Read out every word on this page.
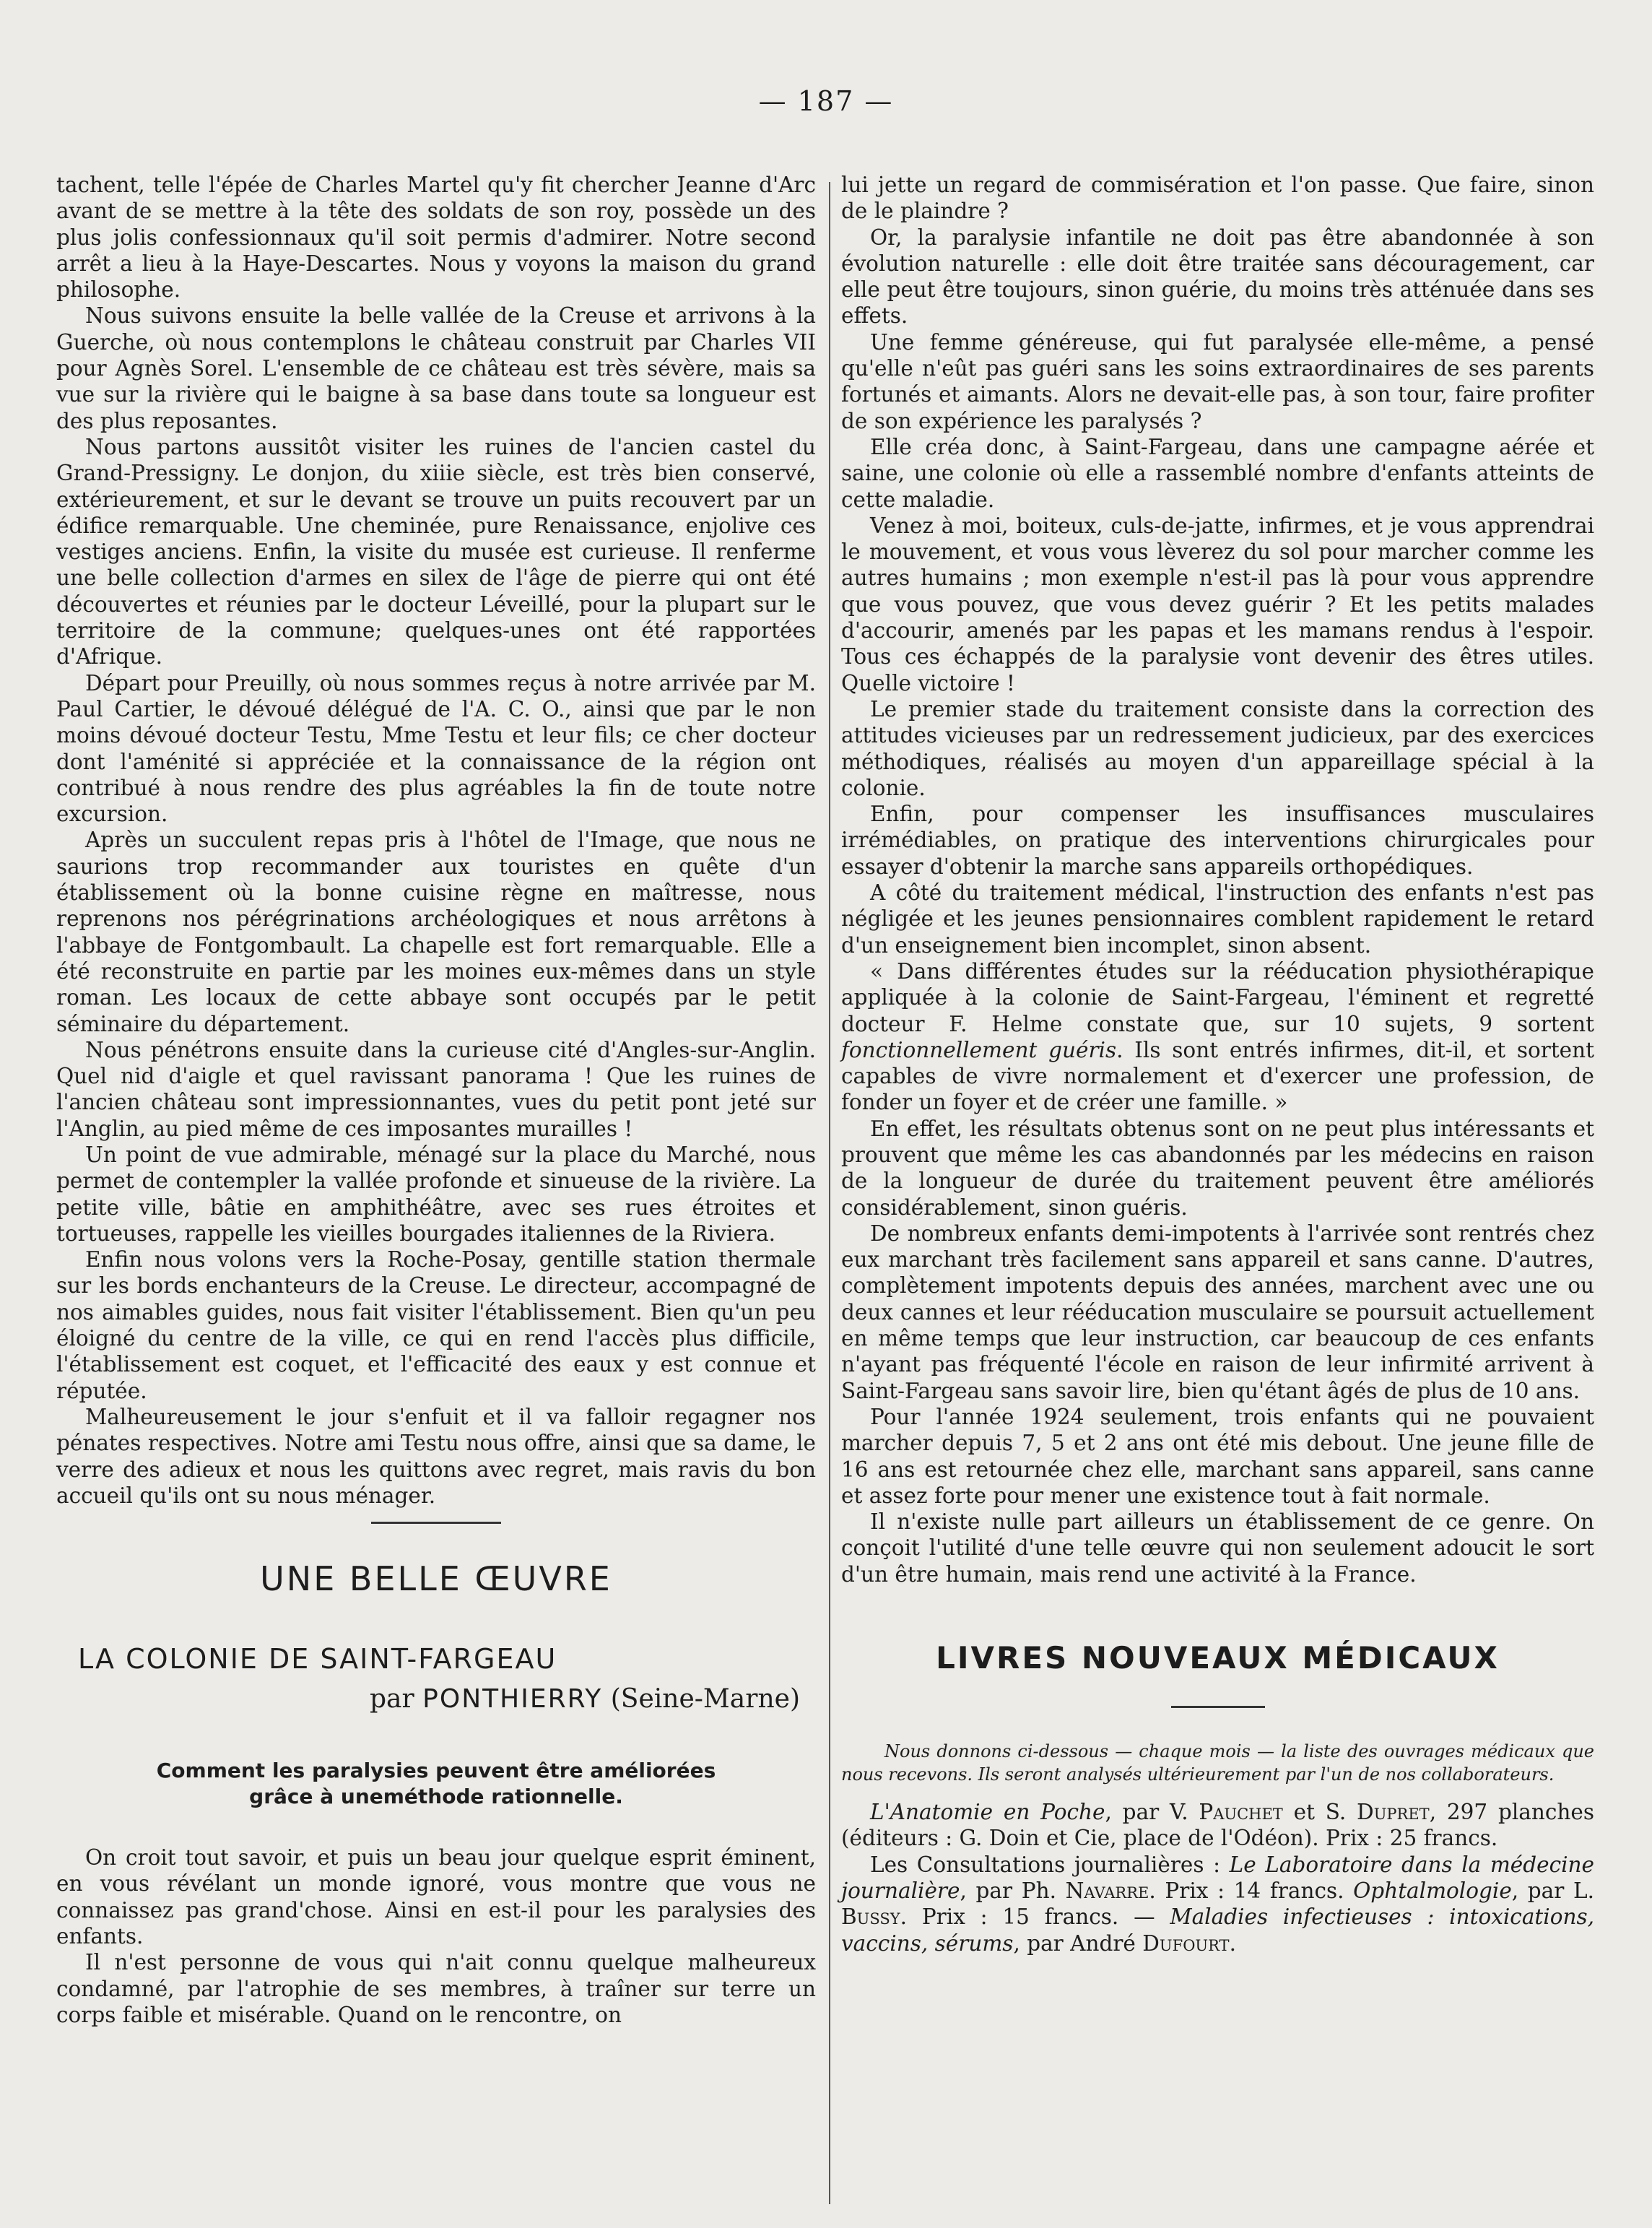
— 187 —

tachent, telle l'épée de Charles Martel qu'y fit chercher Jeanne d'Arc avant de se mettre à la tête des soldats de son roy, possède un des plus jolis confessionnaux qu'il soit permis d'admirer. Notre second arrêt a lieu à la Haye-Descartes. Nous y voyons la maison du grand philosophe.

Nous suivons ensuite la belle vallée de la Creuse et arrivons à la Guerche, où nous contemplons le château construit par Charles VII pour Agnès Sorel. L'ensemble de ce château est très sévère, mais sa vue sur la rivière qui le baigne à sa base dans toute sa longueur est des plus reposantes.

Nous partons aussitôt visiter les ruines de l'ancien castel du Grand-Pressigny. Le donjon, du xiiie siècle, est très bien conservé, extérieurement, et sur le devant se trouve un puits recouvert par un édifice remarquable. Une cheminée, pure Renaissance, enjolive ces vestiges anciens. Enfin, la visite du musée est curieuse. Il renferme une belle collection d'armes en silex de l'âge de pierre qui ont été découvertes et réunies par le docteur Léveillé, pour la plupart sur le territoire de la commune; quelques-unes ont été rapportées d'Afrique.

Départ pour Preuilly, où nous sommes reçus à notre arrivée par M. Paul Cartier, le dévoué délégué de l'A. C. O., ainsi que par le non moins dévoué docteur Testu, Mme Testu et leur fils; ce cher docteur dont l'aménité si appréciée et la connaissance de la région ont contribué à nous rendre des plus agréables la fin de toute notre excursion.

Après un succulent repas pris à l'hôtel de l'Image, que nous ne saurions trop recommander aux touristes en quête d'un établissement où la bonne cuisine règne en maîtresse, nous reprenons nos pérégrinations archéologiques et nous arrêtons à l'abbaye de Fontgombault. La chapelle est fort remarquable. Elle a été reconstruite en partie par les moines eux-mêmes dans un style roman. Les locaux de cette abbaye sont occupés par le petit séminaire du département.

Nous pénétrons ensuite dans la curieuse cité d'Angles-sur-Anglin. Quel nid d'aigle et quel ravissant panorama ! Que les ruines de l'ancien château sont impressionnantes, vues du petit pont jeté sur l'Anglin, au pied même de ces imposantes murailles !

Un point de vue admirable, ménagé sur la place du Marché, nous permet de contempler la vallée profonde et sinueuse de la rivière. La petite ville, bâtie en amphithéâtre, avec ses rues étroites et tortueuses, rappelle les vieilles bourgades italiennes de la Riviera.

Enfin nous volons vers la Roche-Posay, gentille station thermale sur les bords enchanteurs de la Creuse. Le directeur, accompagné de nos aimables guides, nous fait visiter l'établissement. Bien qu'un peu éloigné du centre de la ville, ce qui en rend l'accès plus difficile, l'établissement est coquet, et l'efficacité des eaux y est connue et réputée.

Malheureusement le jour s'enfuit et il va falloir regagner nos pénates respectives. Notre ami Testu nous offre, ainsi que sa dame, le verre des adieux et nous les quittons avec regret, mais ravis du bon accueil qu'ils ont su nous ménager.

UNE BELLE ŒUVRE
LA COLONIE DE SAINT-FARGEAU
par PONTHIERRY (Seine-Marne)
Comment les paralysies peuvent être améliorées
grâce à uneméthode rationnelle.

On croit tout savoir, et puis un beau jour quelque esprit éminent, en vous révélant un monde ignoré, vous montre que vous ne connaissez pas grand'chose. Ainsi en est-il pour les paralysies des enfants.

Il n'est personne de vous qui n'ait connu quelque malheureux condamné, par l'atrophie de ses membres, à traîner sur terre un corps faible et misérable. Quand on le rencontre, on

lui jette un regard de commisération et l'on passe. Que faire, sinon de le plaindre ?

Or, la paralysie infantile ne doit pas être abandonnée à son évolution naturelle : elle doit être traitée sans découragement, car elle peut être toujours, sinon guérie, du moins très atténuée dans ses effets.

Une femme généreuse, qui fut paralysée elle-même, a pensé qu'elle n'eût pas guéri sans les soins extraordinaires de ses parents fortunés et aimants. Alors ne devait-elle pas, à son tour, faire profiter de son expérience les paralysés ?

Elle créa donc, à Saint-Fargeau, dans une campagne aérée et saine, une colonie où elle a rassemblé nombre d'enfants atteints de cette maladie.

Venez à moi, boiteux, culs-de-jatte, infirmes, et je vous apprendrai le mouvement, et vous vous lèverez du sol pour marcher comme les autres humains ; mon exemple n'est-il pas là pour vous apprendre que vous pouvez, que vous devez guérir ? Et les petits malades d'accourir, amenés par les papas et les mamans rendus à l'espoir. Tous ces échappés de la paralysie vont devenir des êtres utiles. Quelle victoire !

Le premier stade du traitement consiste dans la correction des attitudes vicieuses par un redressement judicieux, par des exercices méthodiques, réalisés au moyen d'un appareillage spécial à la colonie.

Enfin, pour compenser les insuffisances musculaires irrémédiables, on pratique des interventions chirurgicales pour essayer d'obtenir la marche sans appareils orthopédiques.

A côté du traitement médical, l'instruction des enfants n'est pas négligée et les jeunes pensionnaires comblent rapidement le retard d'un enseignement bien incomplet, sinon absent.

« Dans différentes études sur la rééducation physiothérapique appliquée à la colonie de Saint-Fargeau, l'éminent et regretté docteur F. Helme constate que, sur 10 sujets, 9 sortent fonctionnellement guéris. Ils sont entrés infirmes, dit-il, et sortent capables de vivre normalement et d'exercer une profession, de fonder un foyer et de créer une famille. »

En effet, les résultats obtenus sont on ne peut plus intéressants et prouvent que même les cas abandonnés par les médecins en raison de la longueur de durée du traitement peuvent être améliorés considérablement, sinon guéris.

De nombreux enfants demi-impotents à l'arrivée sont rentrés chez eux marchant très facilement sans appareil et sans canne. D'autres, complètement impotents depuis des années, marchent avec une ou deux cannes et leur rééducation musculaire se poursuit actuellement en même temps que leur instruction, car beaucoup de ces enfants n'ayant pas fréquenté l'école en raison de leur infirmité arrivent à Saint-Fargeau sans savoir lire, bien qu'étant âgés de plus de 10 ans.

Pour l'année 1924 seulement, trois enfants qui ne pouvaient marcher depuis 7, 5 et 2 ans ont été mis debout. Une jeune fille de 16 ans est retournée chez elle, marchant sans appareil, sans canne et assez forte pour mener une existence tout à fait normale.

Il n'existe nulle part ailleurs un établissement de ce genre. On conçoit l'utilité d'une telle œuvre qui non seulement adoucit le sort d'un être humain, mais rend une activité à la France.

LIVRES NOUVEAUX MÉDICAUX

Nous donnons ci-dessous — chaque mois — la liste des ouvrages médicaux que nous recevons. Ils seront analysés ultérieurement par l'un de nos collaborateurs.

L'Anatomie en Poche, par V. Pauchet et S. Dupret, 297 planches (éditeurs : G. Doin et Cie, place de l'Odéon). Prix : 25 francs.

Les Consultations journalières : Le Laboratoire dans la médecine journalière, par Ph. Navarre. Prix : 14 francs. Ophtalmologie, par L. Bussy. Prix : 15 francs. — Maladies infectieuses : intoxications, vaccins, sérums, par André Dufourt.
